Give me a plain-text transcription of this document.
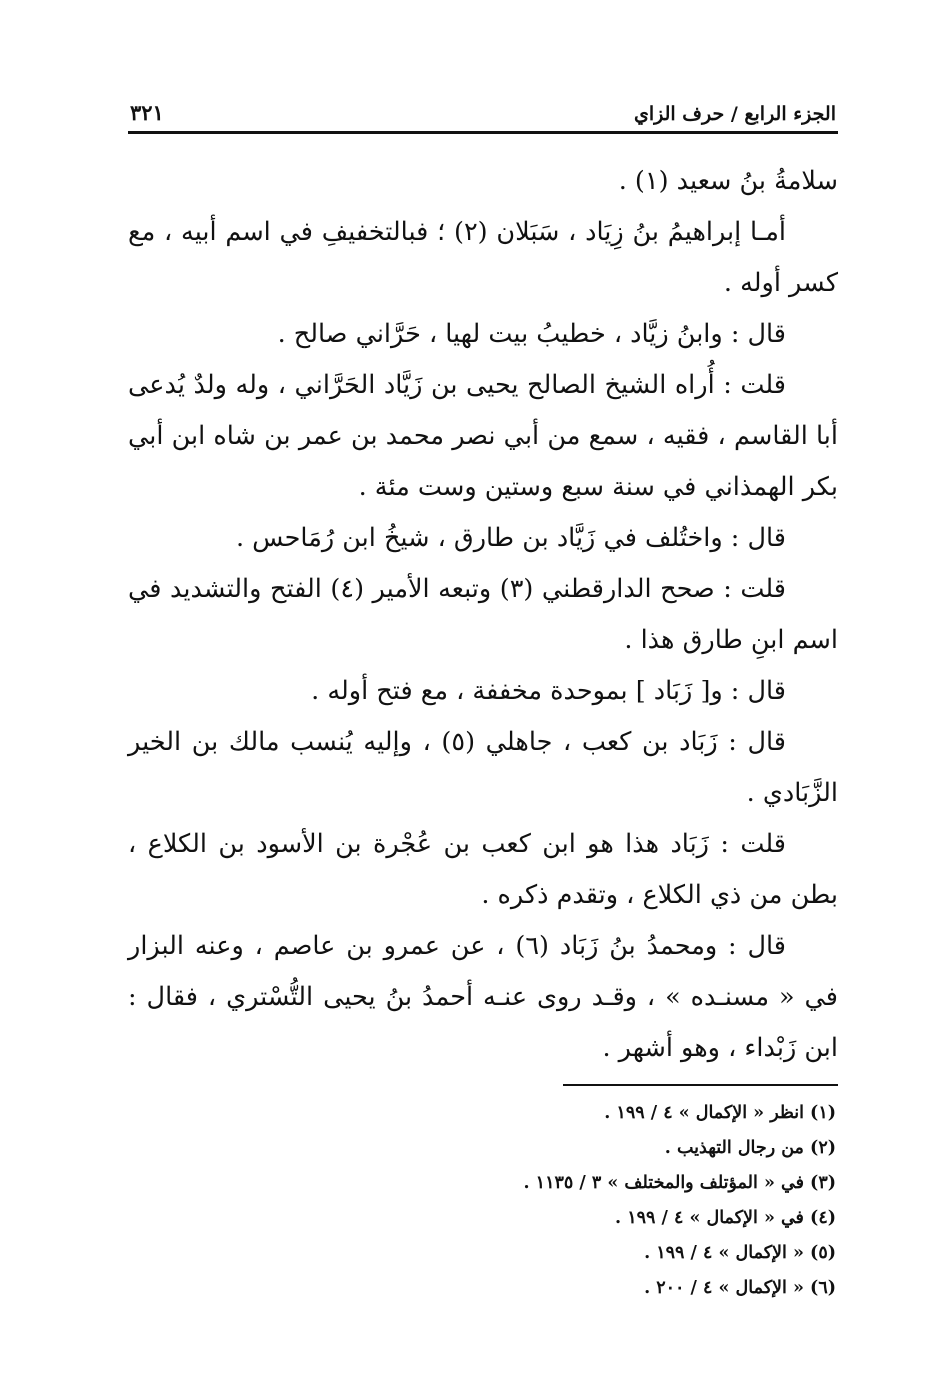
الجزء الرابع / حرف الزاي
٣٢١

سلامةُ بنُ سعيد (١) .

أمـا إبراهيمُ بنُ زِيَاد ، سَبَلان (٢) ؛ فبالتخفيفِ في اسم أبيه ، مع كسر أوله .

قال : وابنُ زيَّاد ، خطيبُ بيت لهيا ، حَرَّاني صالح .

قلت : أُراه الشيخ الصالح يحيى بن زَيَّاد الحَرَّاني ، وله ولدٌ يُدعى أبا القاسم ، فقيه ، سمع من أبي نصر محمد بن عمر بن شاه ابن أبي بكر الهمذاني في سنة سبع وستين وست مئة .

قال : واختُلف في زَيَّاد بن طارق ، شيخُ ابن رُمَاحس .

قلت : صحح الدارقطني (٣) وتبعه الأمير (٤) الفتح والتشديد في اسم ابنِ طارق هذا .

قال : و[ زَبَاد ] بموحدة مخففة ، مع فتح أوله .

قال : زَبَاد بن كعب ، جاهلي (٥) ، وإليه يُنسب مالك بن الخير الزَّبَادي .

قلت : زَبَاد هذا هو ابن كعب بن عُجْرة بن الأسود بن الكلاع ، بطن من ذي الكلاع ، وتقدم ذكره .

قال : ومحمدُ بنُ زَبَاد (٦) ، عن عمرو بن عاصم ، وعنه البزار في « مسنـده » ، وقـد روى عنـه أحمدُ بنُ يحيى التُّسْتري ، فقال : ابن زَبْداء ، وهو أشهر .

(١) انظر « الإكمال » ٤ / ١٩٩ .

(٢) من رجال التهذيب .

(٣) في « المؤتلف والمختلف » ٣ / ١١٣٥ .

(٤) في « الإكمال » ٤ / ١٩٩ .

(٥) « الإكمال » ٤ / ١٩٩ .

(٦) « الإكمال » ٤ / ٢٠٠ .
